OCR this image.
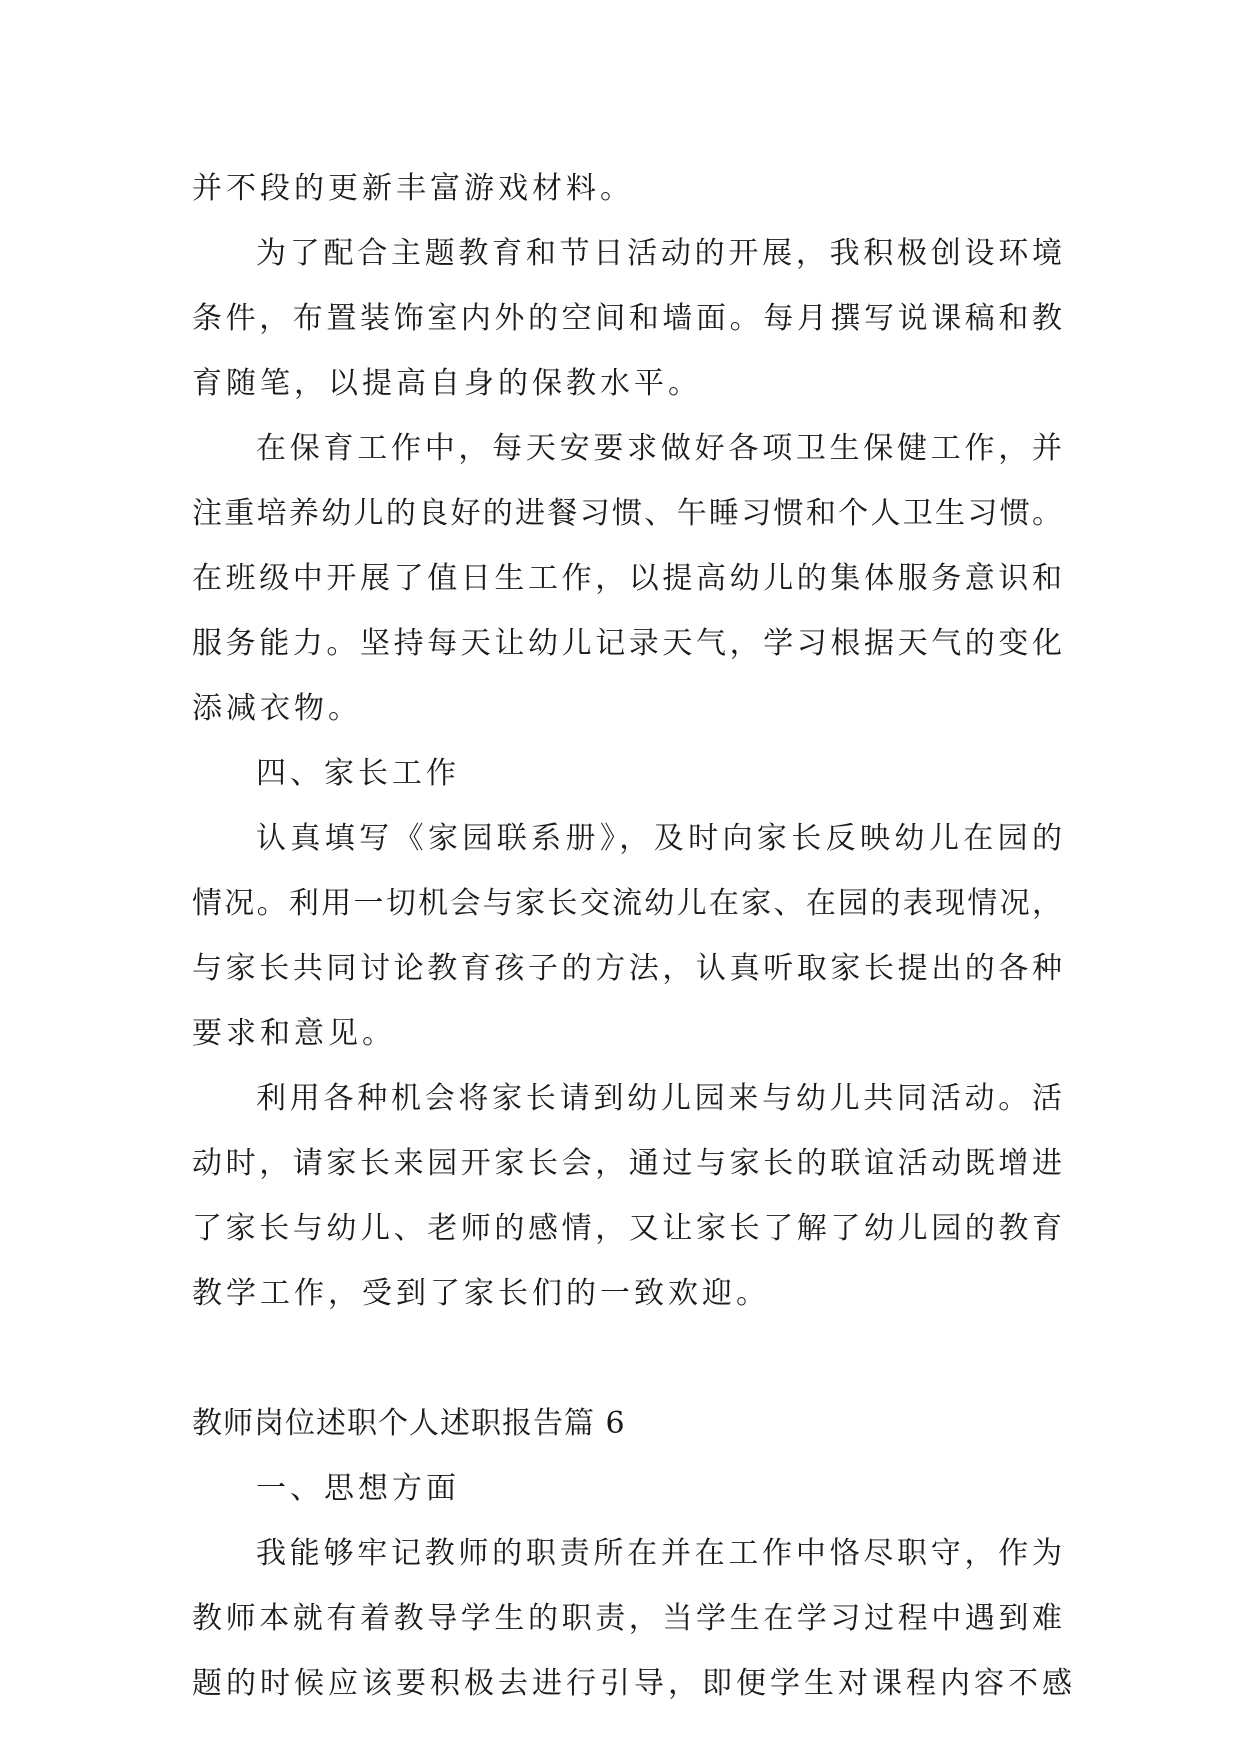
并不段的更新丰富游戏材料。
为了配合主题教育和节日活动的开展，我积极创设环境
条件，布置装饰室内外的空间和墙面。每月撰写说课稿和教
育随笔，以提高自身的保教水平。
在保育工作中，每天安要求做好各项卫生保健工作，并
注重培养幼儿的良好的进餐习惯、午睡习惯和个人卫生习惯。
在班级中开展了值日生工作，以提高幼儿的集体服务意识和
服务能力。坚持每天让幼儿记录天气，学习根据天气的变化
添减衣物。
四、家长工作
认真填写《家园联系册》，及时向家长反映幼儿在园的
情况。利用一切机会与家长交流幼儿在家、在园的表现情况，
与家长共同讨论教育孩子的方法，认真听取家长提出的各种
要求和意见。
利用各种机会将家长请到幼儿园来与幼儿共同活动。活
动时，请家长来园开家长会，通过与家长的联谊活动既增进
了家长与幼儿、老师的感情，又让家长了解了幼儿园的教育
教学工作，受到了家长们的一致欢迎。
教师岗位述职个人述职报告篇 6
一、思想方面
我能够牢记教师的职责所在并在工作中恪尽职守，作为
教师本就有着教导学生的职责，当学生在学习过程中遇到难
题的时候应该要积极去进行引导，即便学生对课程内容不感
